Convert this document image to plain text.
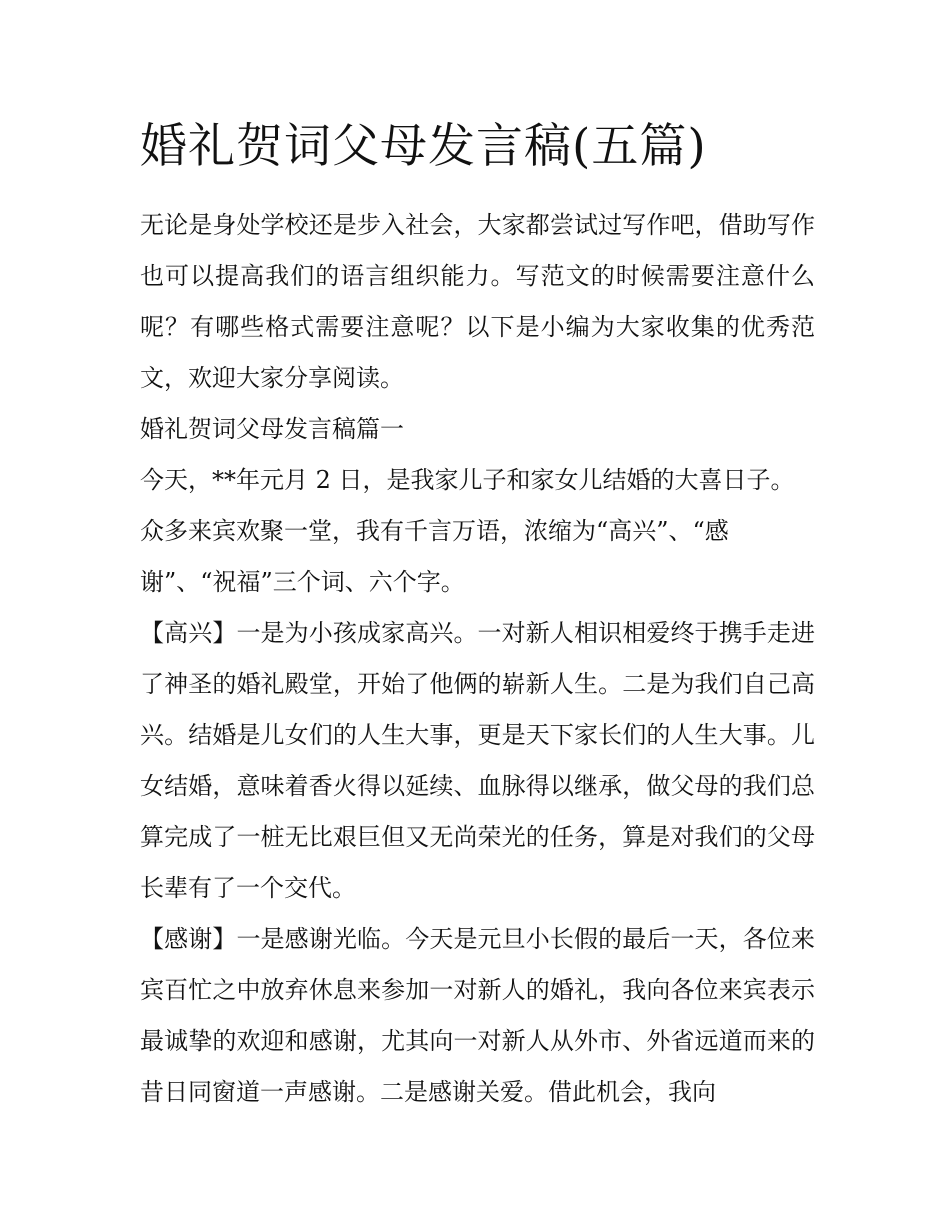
婚礼贺词父母发言稿(五篇)

无论是身处学校还是步入社会，大家都尝试过写作吧，借助写作也可以提高我们的语言组织能力。写范文的时候需要注意什么呢？有哪些格式需要注意呢？以下是小编为大家收集的优秀范文，欢迎大家分享阅读。

婚礼贺词父母发言稿篇一

今天，**年元月 2 日，是我家儿子和家女儿结婚的大喜日子。

众多来宾欢聚一堂，我有千言万语，浓缩为“高兴”、“感谢”、“祝福”三个词、六个字。

【高兴】一是为小孩成家高兴。一对新人相识相爱终于携手走进了神圣的婚礼殿堂，开始了他俩的崭新人生。二是为我们自己高兴。结婚是儿女们的人生大事，更是天下家长们的人生大事。儿女结婚，意味着香火得以延续、血脉得以继承，做父母的我们总算完成了一桩无比艰巨但又无尚荣光的任务，算是对我们的父母长辈有了一个交代。

【感谢】一是感谢光临。今天是元旦小长假的最后一天，各位来宾百忙之中放弃休息来参加一对新人的婚礼，我向各位来宾表示最诚挚的欢迎和感谢，尤其向一对新人从外市、外省远道而来的昔日同窗道一声感谢。二是感谢关爱。借此机会，我向
